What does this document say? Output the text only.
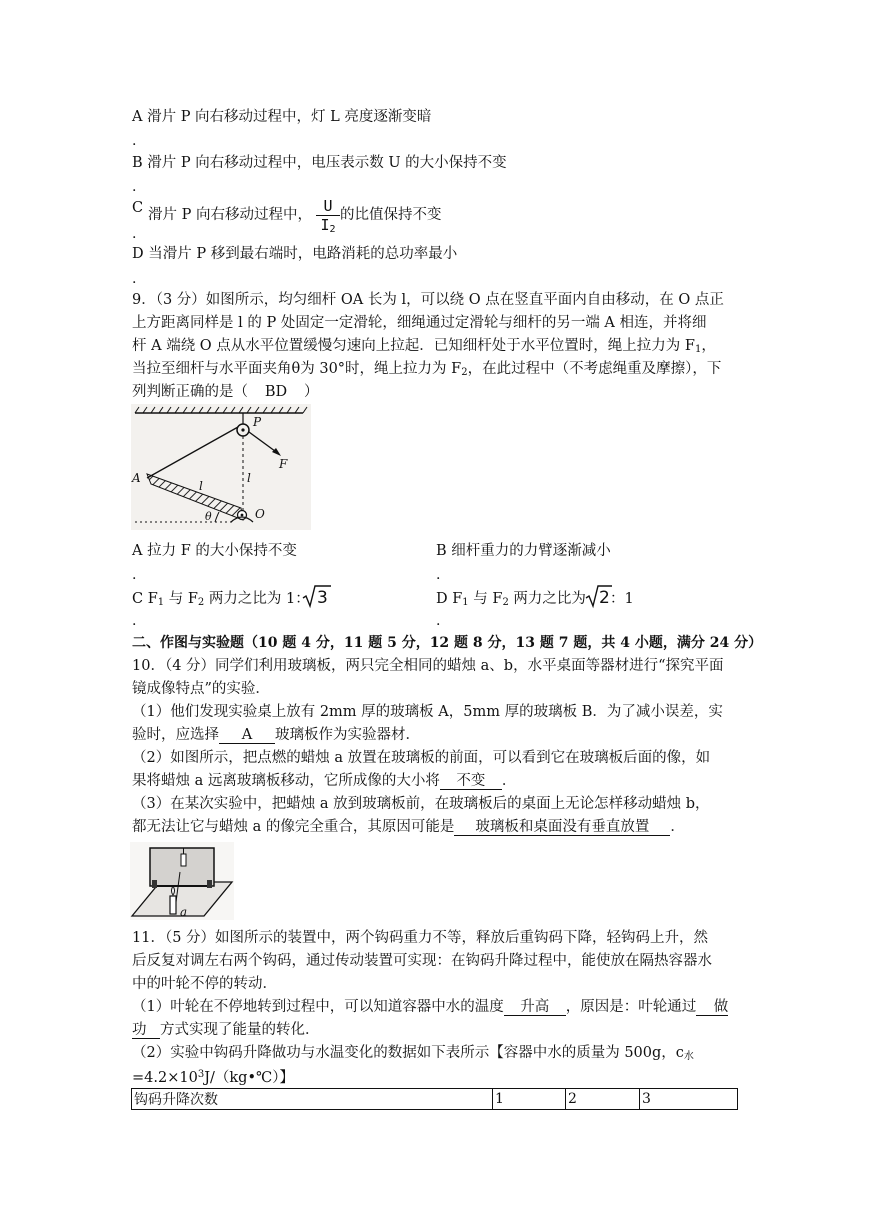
A 滑片 P 向右移动过程中，灯 L 亮度逐渐变暗
.
B 滑片 P 向右移动过程中，电压表示数 U 的大小保持不变
.
C 滑片 P 向右移动过程中， U
$I_2$
的比值保持不变
.
D 当滑片 P 移到最右端时，电路消耗的总功率最小
.
9．（3 分）如图所示，均匀细杆 OA 长为 l，可以绕 O 点在竖直平面内自由移动，在 O 点正
上方距离同样是 l 的 P 处固定一定滑轮，细绳通过定滑轮与细杆的另一端 A 相连，并将细
杆 A 端绕 O 点从水平位置缓慢匀速向上拉起．已知细杆处于水平位置时，绳上拉力为 $F_1$，
当拉至细杆与水平面夹角θ为 30°时，绳上拉力为 $F_2$，在此过程中（不考虑绳重及摩擦），下
列判断正确的是（ BD ）
P
F
A
l
l
O
θ
A 拉力 F 的大小保持不变	B 细杆重力的力臂逐渐减小
.	.
C $F_1$ 与 $F_2$ 两力之比为 1： 3	D $F_1$ 与 $F_2$ 两力之比为 2 ：1
.	.
二、作图与实验题（10 题 4 分，11 题 5 分，12 题 8 分，13 题 7 题，共 4 小题，满分 24 分）
10．（4 分）同学们利用玻璃板，两只完全相同的蜡烛 a、b，水平桌面等器材进行“探究平面
镜成像特点”的实验．
（1）他们发现实验桌上放有 2mm 厚的玻璃板 A，5mm 厚的玻璃板 B．为了减小误差，实
验时，应选择 A 玻璃板作为实验器材．
（2）如图所示，把点燃的蜡烛 a 放置在玻璃板的前面，可以看到它在玻璃板后面的像，如
果将蜡烛 a 远离玻璃板移动，它所成像的大小将 不变 ．
（3）在某次实验中，把蜡烛 a 放到玻璃板前，在玻璃板后的桌面上无论怎样移动蜡烛 b，
都无法让它与蜡烛 a 的像完全重合，其原因可能是 玻璃板和桌面没有垂直放置 ．
a
11．（5 分）如图所示的装置中，两个钩码重力不等，释放后重钩码下降，轻钩码上升，然
后反复对调左右两个钩码，通过传动装置可实现：在钩码升降过程中，能使放在隔热容器水
中的叶轮不停的转动．
（1）叶轮在不停地转到过程中，可以知道容器中水的温度 升高 ，原因是：叶轮通过 做
功 方式实现了能量的转化．
（2）实验中钩码升降做功与水温变化的数据如下表所示【容器中水的质量为 500g，$c_水$
$=4.2\times 10^3J/(kg•℃)$】
钩码升降次数	1	2	3
